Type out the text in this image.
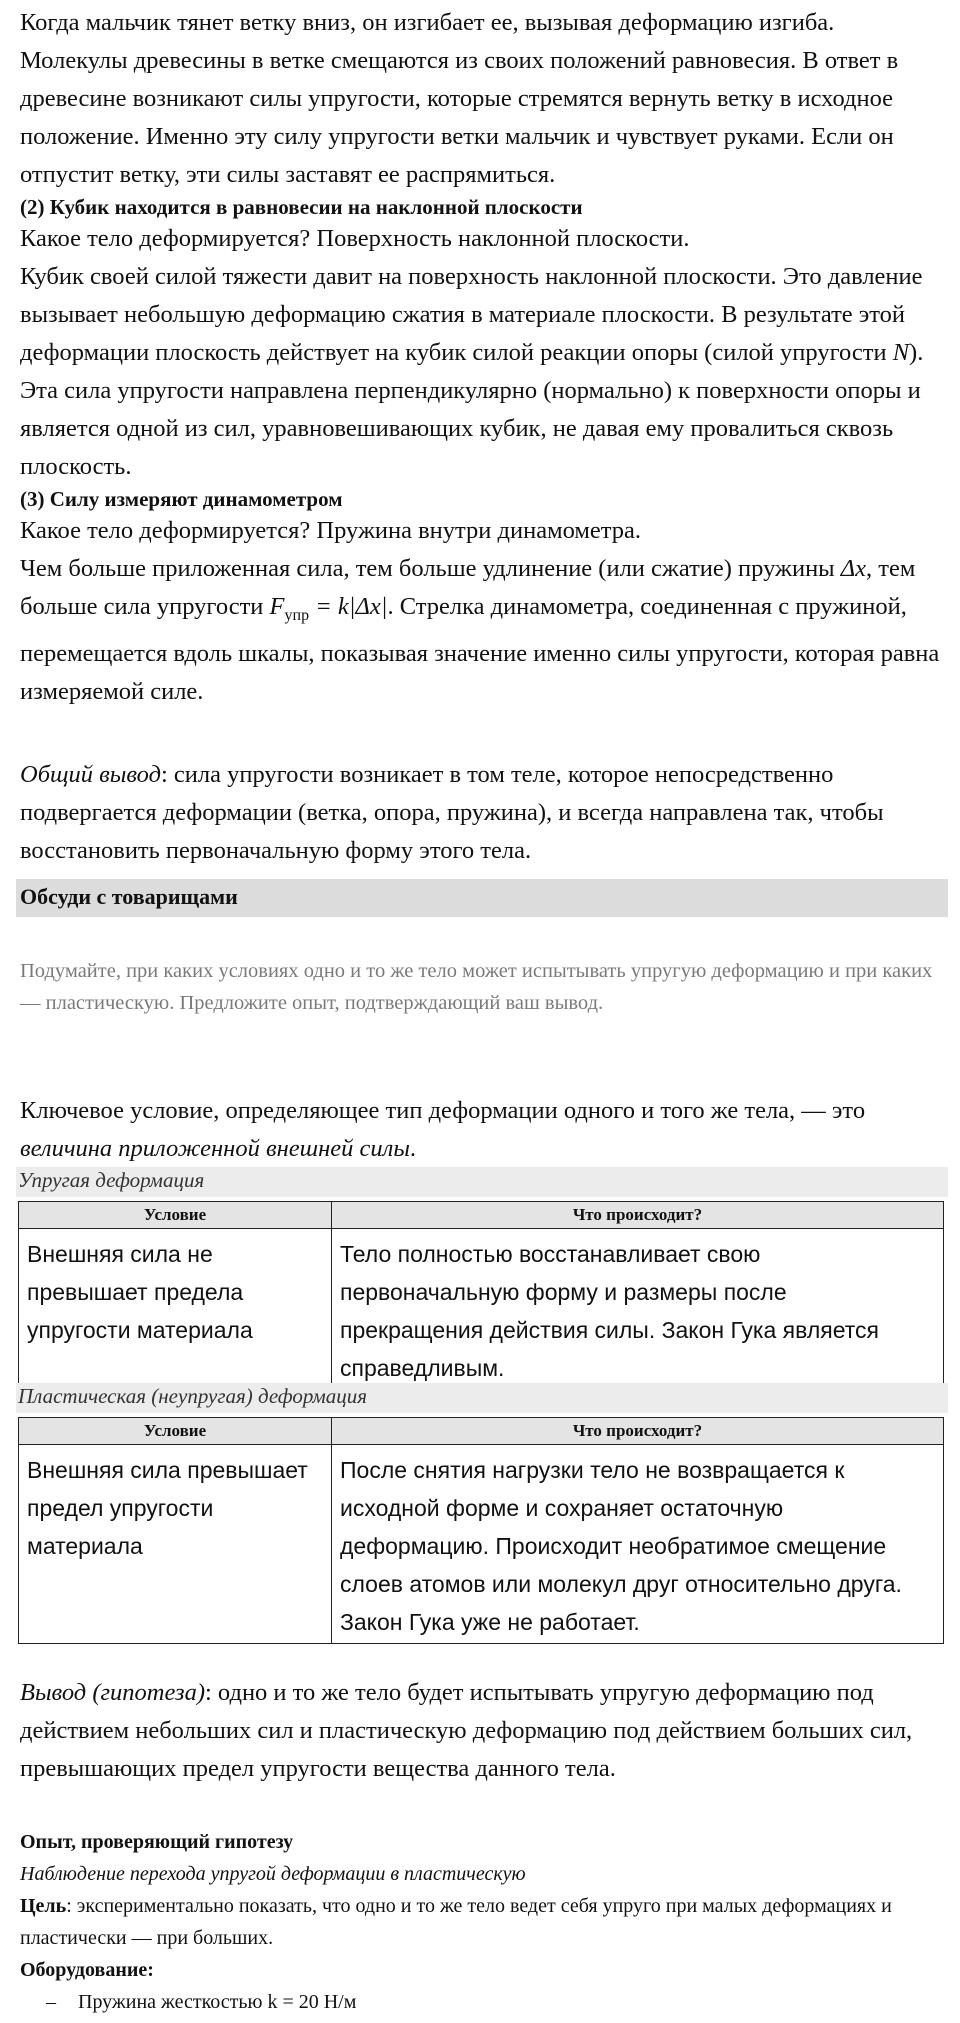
Когда мальчик тянет ветку вниз, он изгибает ее, вызывая деформацию изгиба. Молекулы древесины в ветке смещаются из своих положений равновесия. В ответ в древесине возникают силы упругости, которые стремятся вернуть ветку в исходное положение. Именно эту силу упругости ветки мальчик и чувствует руками. Если он отпустит ветку, эти силы заставят ее распрямиться.

(2) Кубик находится в равновесии на наклонной плоскости

Какое тело деформируется? Поверхность наклонной плоскости.

Кубик своей силой тяжести давит на поверхность наклонной плоскости. Это давление вызывает небольшую деформацию сжатия в материале плоскости. В результате этой деформации плоскость действует на кубик силой реакции опоры (силой упругости N). Эта сила упругости направлена перпендикулярно (нормально) к поверхности опоры и является одной из сил, уравновешивающих кубик, не давая ему провалиться сквозь плоскость.

(3) Силу измеряют динамометром

Какое тело деформируется? Пружина внутри динамометра.

Чем больше приложенная сила, тем больше удлинение (или сжатие) пружины Δx, тем больше сила упругости $F_{упр} = k|\Delta x|$. Стрелка динамометра, соединенная с пружиной, перемещается вдоль шкалы, показывая значение именно силы упругости, которая равна измеряемой силе.

Общий вывод: сила упругости возникает в том теле, которое непосредственно подвергается деформации (ветка, опора, пружина), и всегда направлена так, чтобы восстановить первоначальную форму этого тела.

Обсуди с товарищами

Подумайте, при каких условиях одно и то же тело может испытывать упругую деформацию и при каких — пластическую. Предложите опыт, подтверждающий ваш вывод.

Ключевое условие, определяющее тип деформации одного и того же тела, — это величина приложенной внешней силы.

Упругая деформация
Условие	Что происходит?
Внешняя сила не превышает предела упругости материала	Тело полностью восстанавливает свою первоначальную форму и размеры после прекращения действия силы. Закон Гука является справедливым.
Пластическая (неупругая) деформация
Условие	Что происходит?
Внешняя сила превышает предел упругости материала	После снятия нагрузки тело не возвращается к исходной форме и сохраняет остаточную деформацию. Происходит необратимое смещение слоев атомов или молекул друг относительно друга. Закон Гука уже не работает.

Вывод (гипотеза): одно и то же тело будет испытывать упругую деформацию под действием небольших сил и пластическую деформацию под действием больших сил, превышающих предел упругости вещества данного тела.

Опыт, проверяющий гипотезу

Наблюдение перехода упругой деформации в пластическую

Цель: экспериментально показать, что одно и то же тело ведет себя упруго при малых деформациях и пластически — при больших.

Оборудование:

– Пружина жесткостью k = 20 Н/м
